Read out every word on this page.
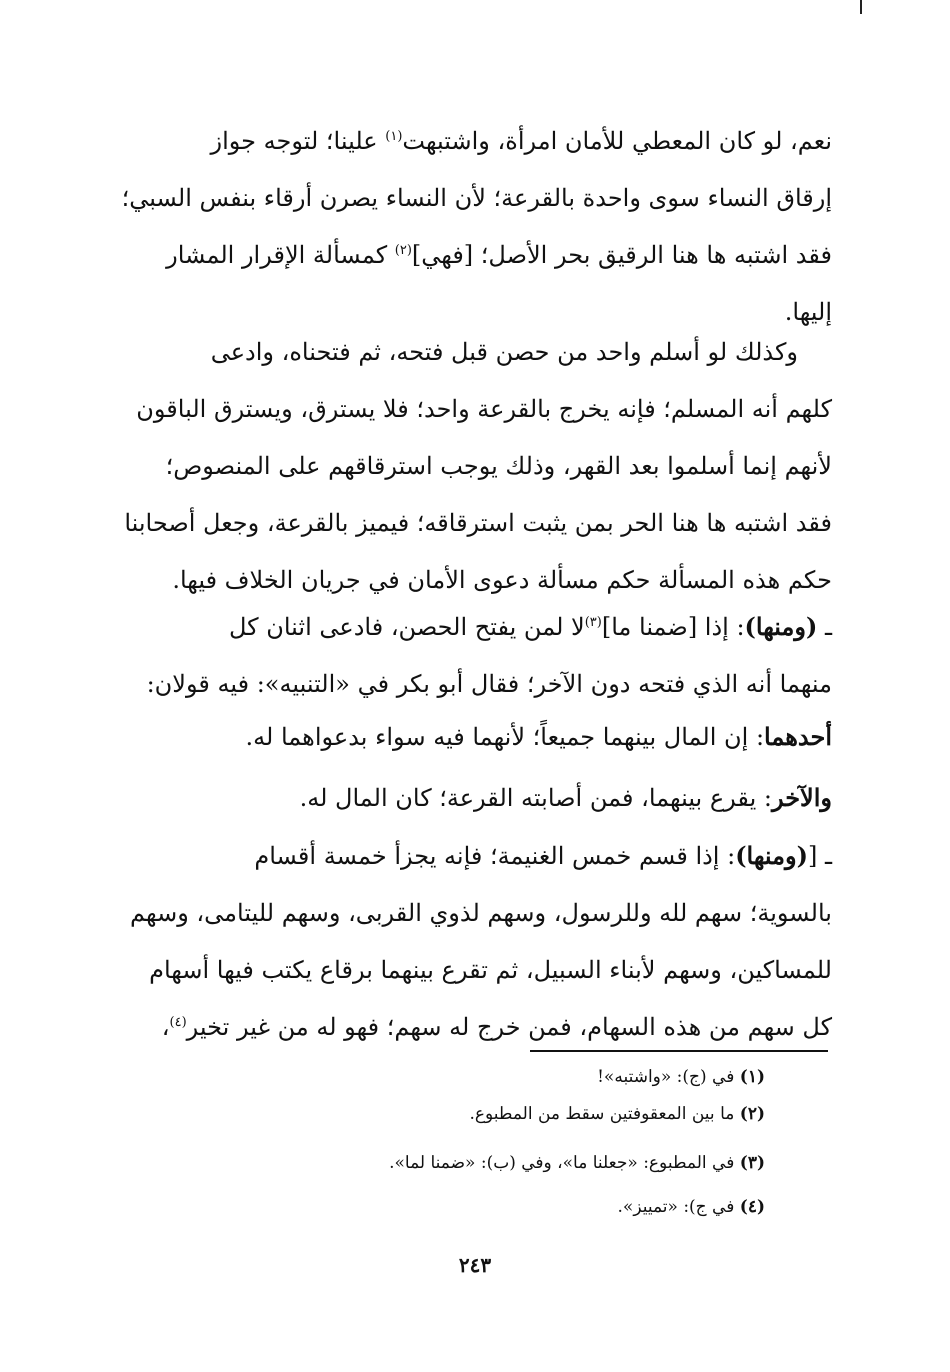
نعم، لو كان المعطي للأمان امرأة، واشتبهت$^{(١)}$ علينا؛ لتوجه جواز
إرقاق النساء سوى واحدة بالقرعة؛ لأن النساء يصرن أرقاء بنفس السبي؛
فقد اشتبه ها هنا الرقيق بحر الأصل؛ [فهي]$^{(٢)}$ كمسألة الإقرار المشار
إليها.

وكذلك لو أسلم واحد من حصن قبل فتحه، ثم فتحناه، وادعى
كلهم أنه المسلم؛ فإنه يخرج بالقرعة واحد؛ فلا يسترق، ويسترق الباقون
لأنهم إنما أسلموا بعد القهر، وذلك يوجب استرقاقهم على المنصوص؛
فقد اشتبه ها هنا الحر بمن يثبت استرقاقه؛ فيميز بالقرعة، وجعل أصحابنا
حكم هذه المسألة حكم مسألة دعوى الأمان في جريان الخلاف فيها.

ـ (ومنها): إذا [ضمنا ما]$^{(٣)}$لا لمن يفتح الحصن، فادعى اثنان كل
منهما أنه الذي فتحه دون الآخر؛ فقال أبو بكر في «التنبيه»: فيه قولان:

أحدهما: إن المال بينهما جميعاً؛ لأنهما فيه سواء بدعواهما له.

والآخر: يقرع بينهما، فمن أصابته القرعة؛ كان المال له.

ـ [(ومنها): إذا قسم خمس الغنيمة؛ فإنه يجزأ خمسة أقسام
بالسوية؛ سهم لله وللرسول، وسهم لذوي القربى، وسهم لليتامى، وسهم
للمساكين، وسهم لأبناء السبيل، ثم تقرع بينهما برقاع يكتب فيها أسهام
كل سهم من هذه السهام، فمن خرج له سهم؛ فهو له من غير تخير$^{(٤)}$،

(١) في (ج): «واشتبه»!
(٢) ما بين المعقوفتين سقط من المطبوع.
(٣) في المطبوع: «جعلنا ما»، وفي (ب): «ضمنا لما».
(٤) في ج): «تمييز».
٢٤٣
